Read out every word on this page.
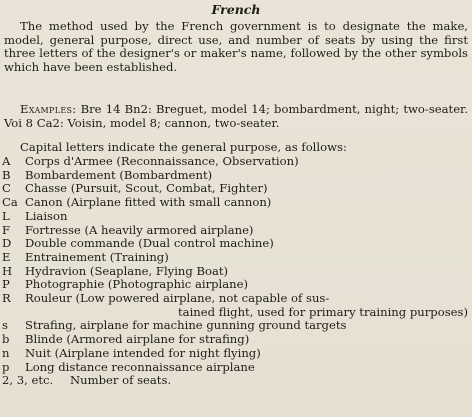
French

The method used by the French government is to designate the make, model, general purpose, direct use, and number of seats by using the first three letters of the designer's or maker's name, followed by the other symbols which have been established.

Examples: Bre 14 Bn2: Breguet, model 14; bombardment, night; two-seater. Voi 8 Ca2: Voisin, model 8; cannon, two-seater.

Capital letters indicate the general purpose, as follows:
A	Corps d'Armee (Reconnaissance, Observation)
B	Bombardement (Bombardment)
C	Chasse (Pursuit, Scout, Combat, Fighter)
Ca Canon (Airplane fitted with small cannon)
L	Liaison
F	Fortresse (A heavily armored airplane)
D	Double commande (Dual control machine)
E	Entrainement (Training)
H	Hydravion (Seaplane, Flying Boat)
P	Photographie (Photographic airplane)
R	Rouleur (Low powered airplane, not capable of sus-
tained flight, used for primary training purposes)
s	Strafing, airplane for machine gunning ground targets
b	Blinde (Armored airplane for strafing)
n	Nuit (Airplane intended for night flying)
p	Long distance reconnaissance airplane
2, 3, etc.	Number of seats.
